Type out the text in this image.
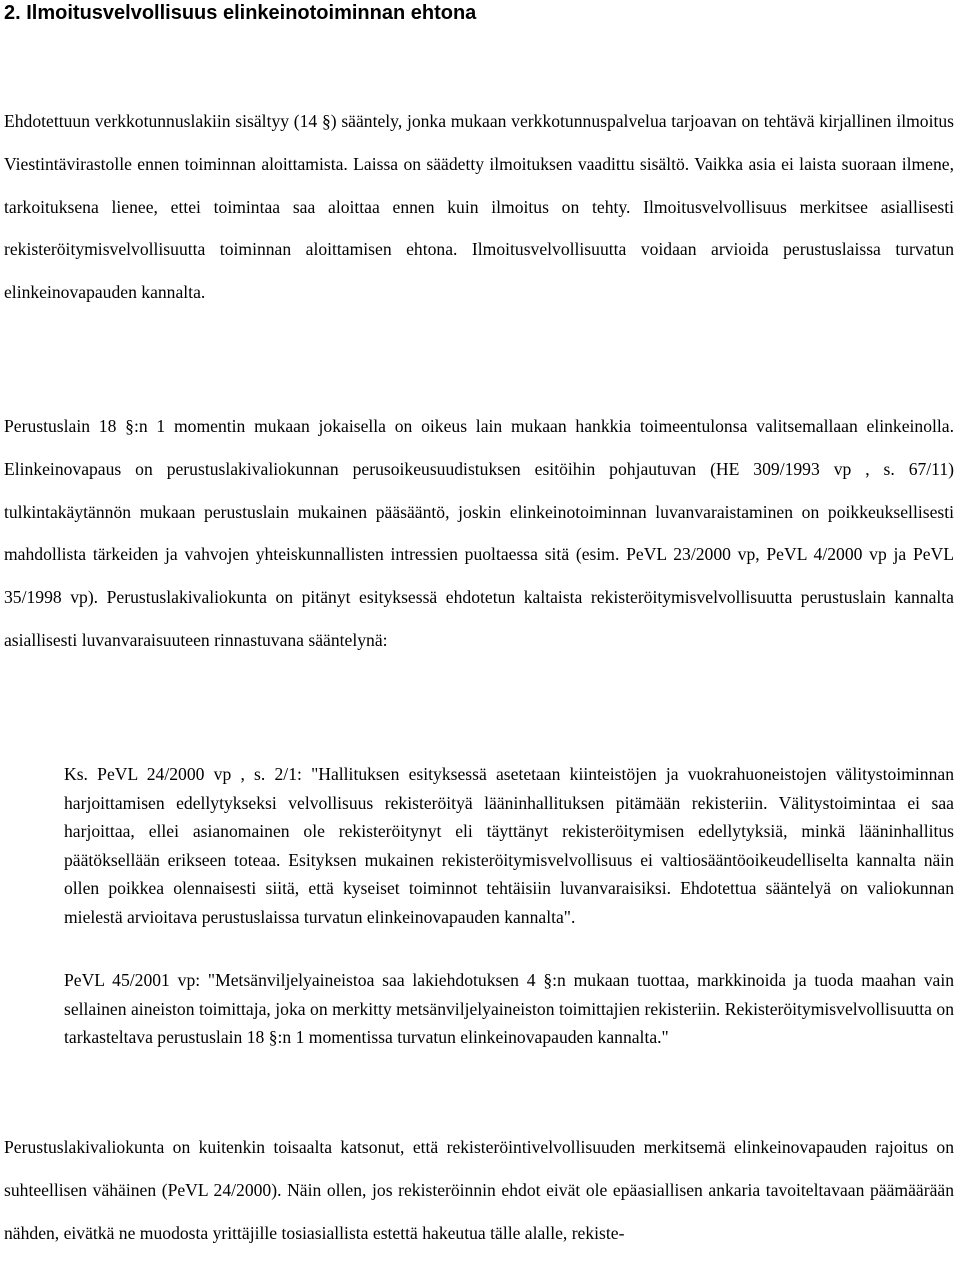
2. Ilmoitusvelvollisuus elinkeinotoiminnan ehtona

Ehdotettuun verkkotunnuslakiin sisältyy (14 §) sääntely, jonka mukaan verkkotunnuspalvelua tarjoavan on tehtävä kirjallinen ilmoitus Viestintävirastolle ennen toiminnan aloittamista. Laissa on säädetty ilmoituksen vaadittu sisältö. Vaikka asia ei laista suoraan ilmene, tarkoituksena lienee, ettei toimintaa saa aloittaa ennen kuin ilmoitus on tehty. Ilmoitusvelvollisuus merkitsee asiallisesti rekisteröitymisvelvollisuutta toiminnan aloittamisen ehtona. Ilmoitusvelvollisuutta voidaan arvioida perustuslaissa turvatun elinkeinovapauden kannalta.

Perustuslain 18 §:n 1 momentin mukaan jokaisella on oikeus lain mukaan hankkia toimeentulonsa valitsemallaan elinkeinolla. Elinkeinovapaus on perustuslakivaliokunnan perusoikeusuudistuksen esitöihin pohjautuvan (HE 309/1993 vp , s. 67/11) tulkintakäytännön mukaan perustuslain mukainen pääsääntö, joskin elinkeinotoiminnan luvanvaraistaminen on poikkeuksellisesti mahdollista tärkeiden ja vahvojen yhteiskunnallisten intressien puoltaessa sitä (esim. PeVL 23/2000 vp, PeVL 4/2000 vp ja PeVL 35/1998 vp). Perustuslakivaliokunta on pitänyt esityksessä ehdotetun kaltaista rekisteröitymisvelvollisuutta perustuslain kannalta asiallisesti luvanvaraisuuteen rinnastuvana sääntelynä:

Ks. PeVL 24/2000 vp , s. 2/1: "Hallituksen esityksessä asetetaan kiinteistöjen ja vuokrahuoneistojen välitystoiminnan harjoittamisen edellytykseksi velvollisuus rekisteröityä lääninhallituksen pitämään rekisteriin. Välitystoimintaa ei saa harjoittaa, ellei asianomainen ole rekisteröitynyt eli täyttänyt rekisteröitymisen edellytyksiä, minkä lääninhallitus päätöksellään erikseen toteaa. Esityksen mukainen rekisteröitymisvelvollisuus ei valtiosääntöoikeudelliselta kannalta näin ollen poikkea olennaisesti siitä, että kyseiset toiminnot tehtäisiin luvanvaraisiksi. Ehdotettua sääntelyä on valiokunnan mielestä arvioitava perustuslaissa turvatun elinkeinovapauden kannalta".

PeVL 45/2001 vp: "Metsänviljelyaineistoa saa lakiehdotuksen 4 §:n mukaan tuottaa, markkinoida ja tuoda maahan vain sellainen aineiston toimittaja, joka on merkitty metsänviljelyaineiston toimittajien rekisteriin. Rekisteröitymisvelvollisuutta on tarkasteltava perustuslain 18 §:n 1 momentissa turvatun elinkeinovapauden kannalta."

Perustuslakivaliokunta on kuitenkin toisaalta katsonut, että rekisteröintivelvollisuuden merkitsemä elinkeinovapauden rajoitus on suhteellisen vähäinen (PeVL 24/2000). Näin ollen, jos rekisteröinnin ehdot eivät ole epäasiallisen ankaria tavoiteltavaan päämäärään nähden, eivätkä ne muodosta yrittäjille tosiasiallista estettä hakeutua tälle alalle, rekiste-
